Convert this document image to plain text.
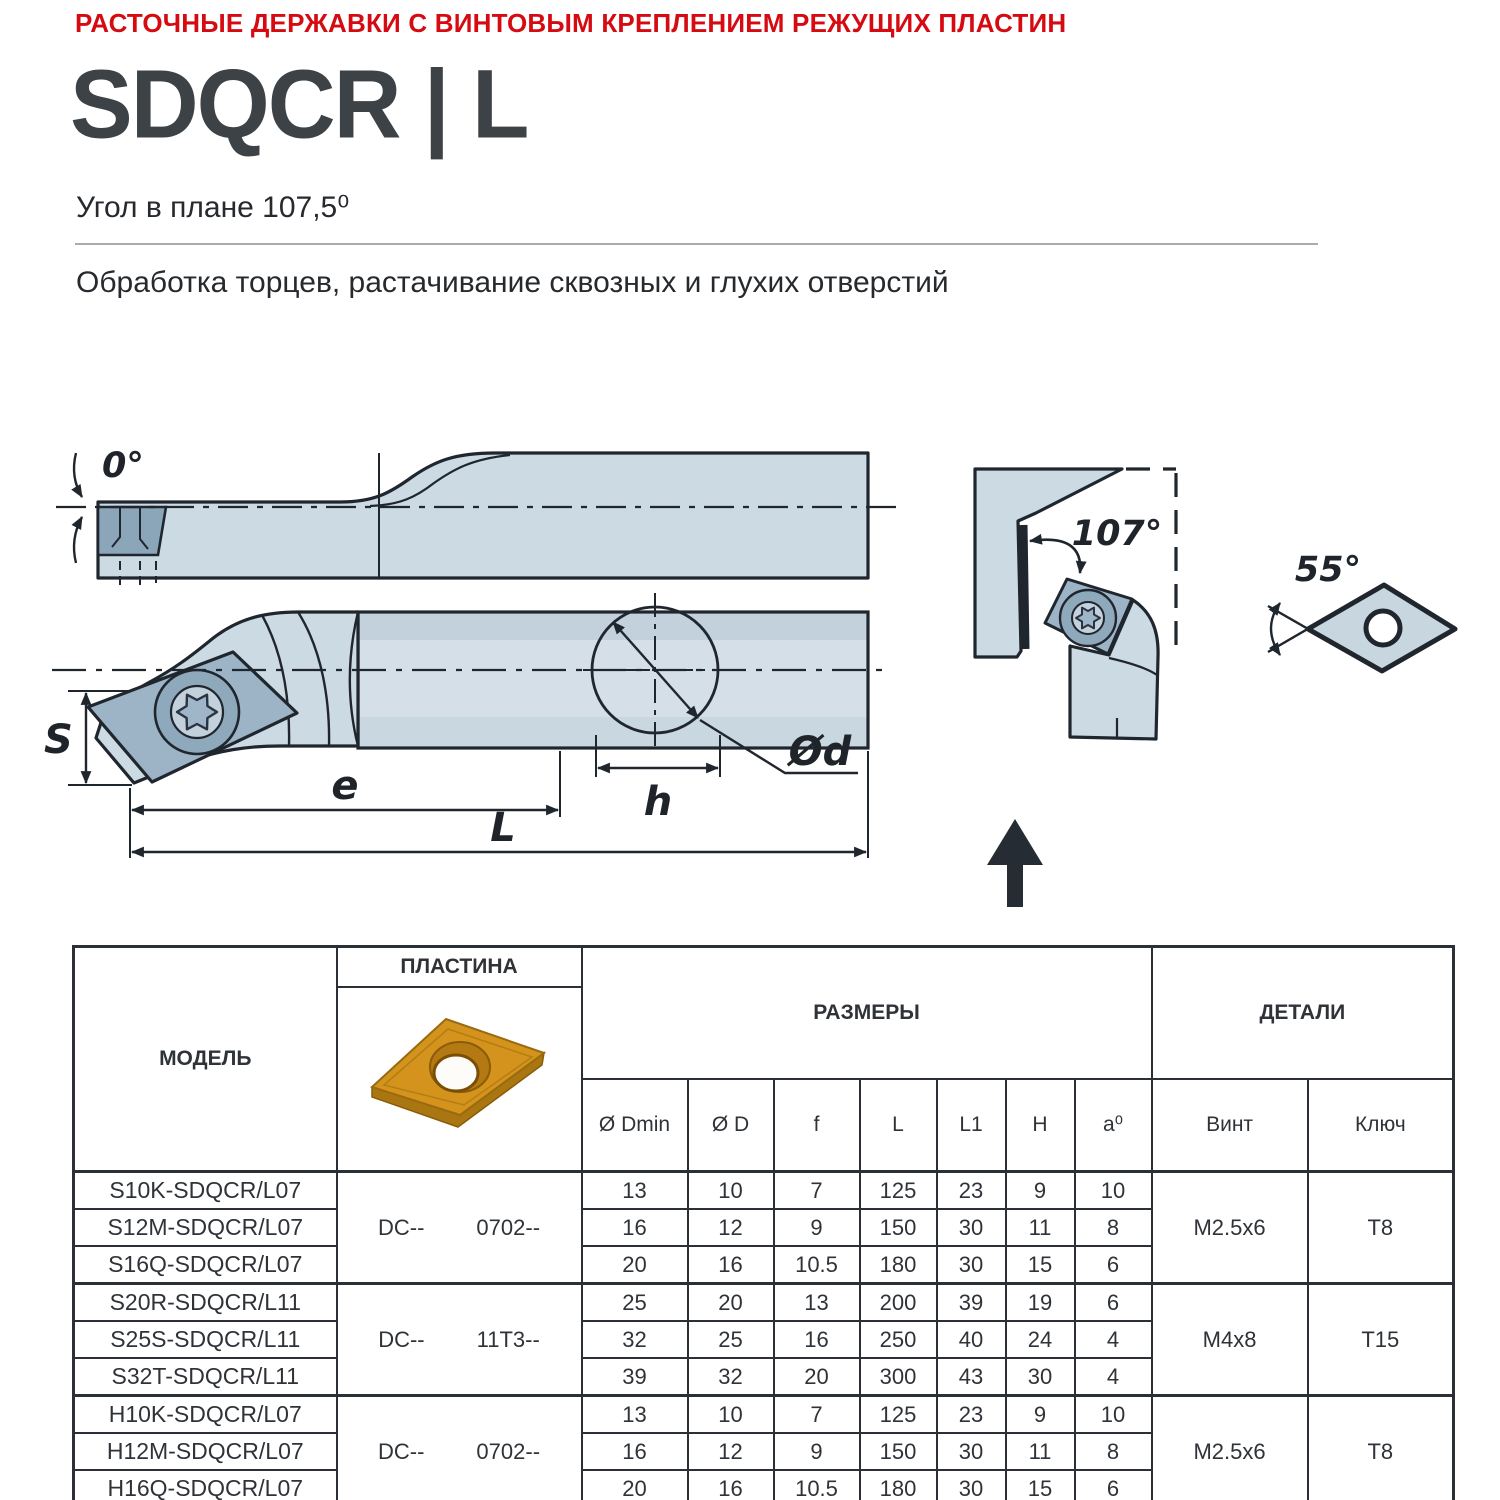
РАСТОЧНЫЕ ДЕРЖАВКИ С ВИНТОВЫМ КРЕПЛЕНИЕМ РЕЖУЩИХ ПЛАСТИН
SDQCR | L
Угол в плане 107,5⁰
Обработка торцев, растачивание сквозных и глухих отверстий
0°
Ød
S
e
L
h
107°
55°
МОДЕЛЬ	ПЛАСТИНА	РАЗМЕРЫ							ДЕТАЛИ	

		Ø Dmin	Ø D	f	L	L1	H	a⁰	Винт	Ключ
S10K-SDQCR/L07	DC-- 0702--	13	10	7	125	23	9	10	M2.5x6	T8
S12M-SDQCR/L07		16	12	9	150	30	11	8		
S16Q-SDQCR/L07		20	16	10.5	180	30	15	6		
S20R-SDQCR/L11	DC-- 11T3--	25	20	13	200	39	19	6	M4x8	T15
S25S-SDQCR/L11		32	25	16	250	40	24	4		
S32T-SDQCR/L11		39	32	20	300	43	30	4		
H10K-SDQCR/L07	DC-- 0702--	13	10	7	125	23	9	10	M2.5x6	T8
H12M-SDQCR/L07		16	12	9	150	30	11	8		
H16Q-SDQCR/L07		20	16	10.5	180	30	15	6		
